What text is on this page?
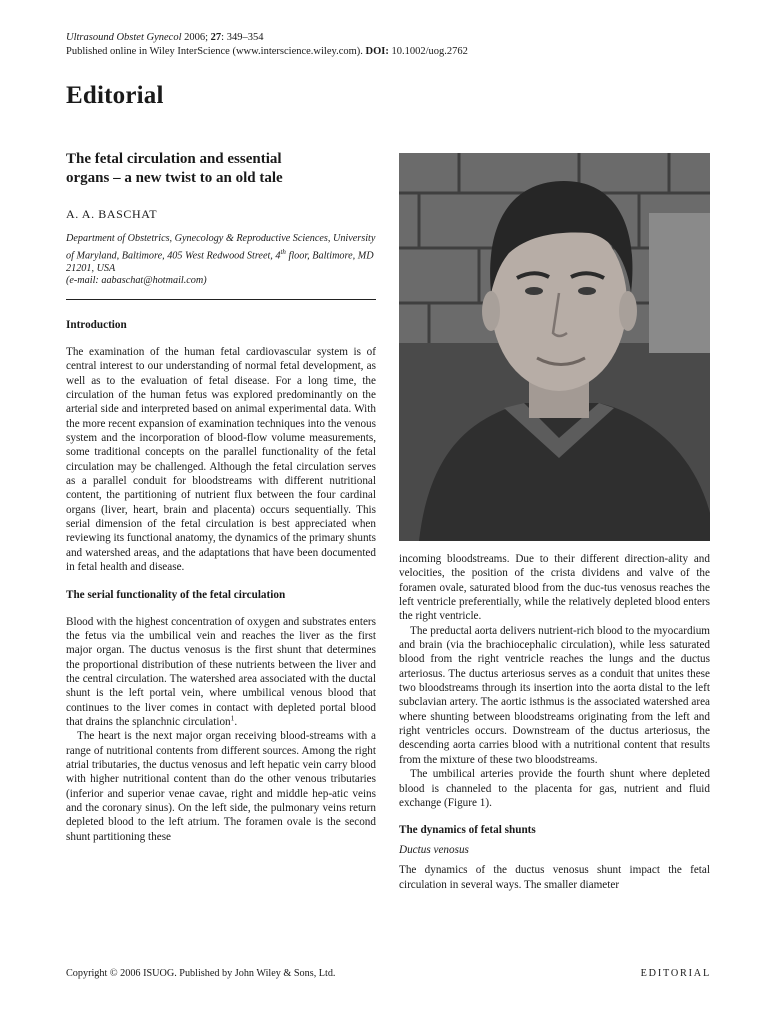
Ultrasound Obstet Gynecol 2006; 27: 349–354
Published online in Wiley InterScience (www.interscience.wiley.com). DOI: 10.1002/uog.2762
Editorial
The fetal circulation and essential
organs – a new twist to an old tale
A. A. BASCHAT
Department of Obstetrics, Gynecology & Reproductive Sciences, University of Maryland, Baltimore, 405 West Redwood Street, 4th floor, Baltimore, MD 21201, USA
(e-mail: aabaschat@hotmail.com)
Introduction

The examination of the human fetal cardiovascular system is of central interest to our understanding of normal fetal development, as well as to the evaluation of fetal disease. For a long time, the circulation of the human fetus was explored predominantly on the arterial side and interpreted based on animal experimental data. With the more recent expansion of examination techniques into the venous system and the incorporation of blood-flow volume measurements, some traditional concepts on the parallel functionality of the fetal circulation may be challenged. Although the fetal circulation serves as a parallel conduit for bloodstreams with different nutritional content, the partitioning of nutrient flux between the four cardinal organs (liver, heart, brain and placenta) occurs sequentially. This serial dimension of the fetal circulation is best appreciated when reviewing its functional anatomy, the dynamics of the primary shunts and watershed areas, and the adaptations that have been documented in fetal health and disease.

The serial functionality of the fetal circulation

Blood with the highest concentration of oxygen and substrates enters the fetus via the umbilical vein and reaches the liver as the first major organ. The ductus venosus is the first shunt that determines the proportional distribution of these nutrients between the liver and the central circulation. The watershed area associated with the ductal shunt is the left portal vein, where umbilical venous blood that continues to the liver comes in contact with depleted portal blood that drains the splanchnic circulation$^1$.

The heart is the next major organ receiving blood-streams with a range of nutritional contents from different sources. Among the right atrial tributaries, the ductus venosus and left hepatic vein carry blood with higher nutritional content than do the other venous tributaries (inferior and superior venae cavae, right and middle hep-atic veins and the coronary sinus). On the left side, the pulmonary veins return depleted blood to the left atrium. The foramen ovale is the second shunt partitioning these

incoming bloodstreams. Due to their different direction-ality and velocities, the position of the crista dividens and valve of the foramen ovale, saturated blood from the duc-tus venosus reaches the left ventricle preferentially, while the relatively depleted blood enters the right ventricle.

The preductal aorta delivers nutrient-rich blood to the myocardium and brain (via the brachiocephalic circulation), while less saturated blood from the right ventricle reaches the lungs and the ductus arteriosus. The ductus arteriosus serves as a conduit that unites these two bloodstreams through its insertion into the aorta distal to the left subclavian artery. The aortic isthmus is the associated watershed area where shunting between bloodstreams originating from the left and right ventricles occurs. Downstream of the ductus arteriosus, the descending aorta carries blood with a nutritional content that results from the mixture of these two bloodstreams.

The umbilical arteries provide the fourth shunt where depleted blood is channeled to the placenta for gas, nutrient and fluid exchange (Figure 1).

The dynamics of fetal shunts
Ductus venosus

The dynamics of the ductus venosus shunt impact the fetal circulation in several ways. The smaller diameter

Copyright © 2006 ISUOG. Published by John Wiley & Sons, Ltd.	EDITORIAL
